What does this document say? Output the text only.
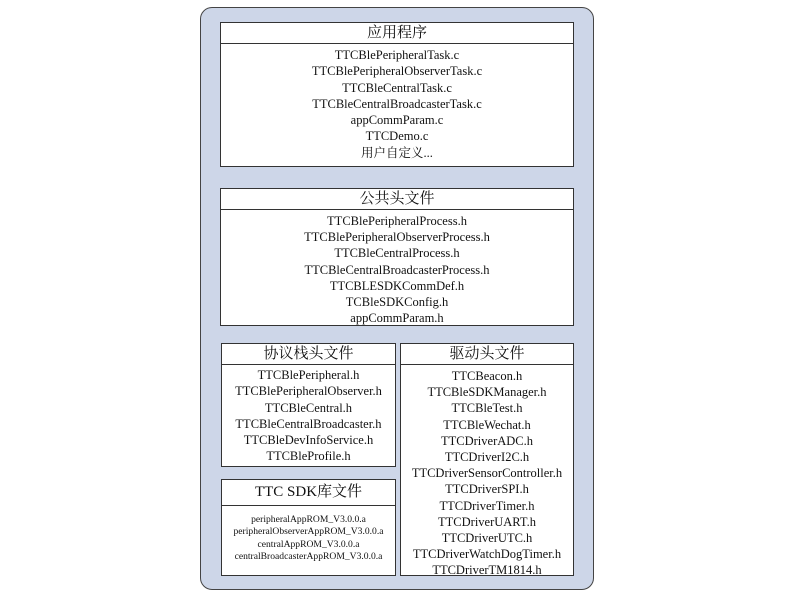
应用程序
TTCBlePeripheralTask.c
TTCBlePeripheralObserverTask.c
TTCBleCentralTask.c
TTCBleCentralBroadcasterTask.c
appCommParam.c
TTCDemo.c
用户自定义...
公共头文件
TTCBlePeripheralProcess.h
TTCBlePeripheralObserverProcess.h
TTCBleCentralProcess.h
TTCBleCentralBroadcasterProcess.h
TTCBLESDKCommDef.h
TCBleSDKConfig.h
appCommParam.h
协议栈头文件
TTCBlePeripheral.h
TTCBlePeripheralObserver.h
TTCBleCentral.h
TTCBleCentralBroadcaster.h
TTCBleDevInfoService.h
TTCBleProfile.h
TTC SDK库文件
peripheralAppROM_V3.0.0.a
peripheralObserverAppROM_V3.0.0.a
centralAppROM_V3.0.0.a
centralBroadcasterAppROM_V3.0.0.a
驱动头文件
TTCBeacon.h
TTCBleSDKManager.h
TTCBleTest.h
TTCBleWechat.h
TTCDriverADC.h
TTCDriverI2C.h
TTCDriverSensorController.h
TTCDriverSPI.h
TTCDriverTimer.h
TTCDriverUART.h
TTCDriverUTC.h
TTCDriverWatchDogTimer.h
TTCDriverTM1814.h
